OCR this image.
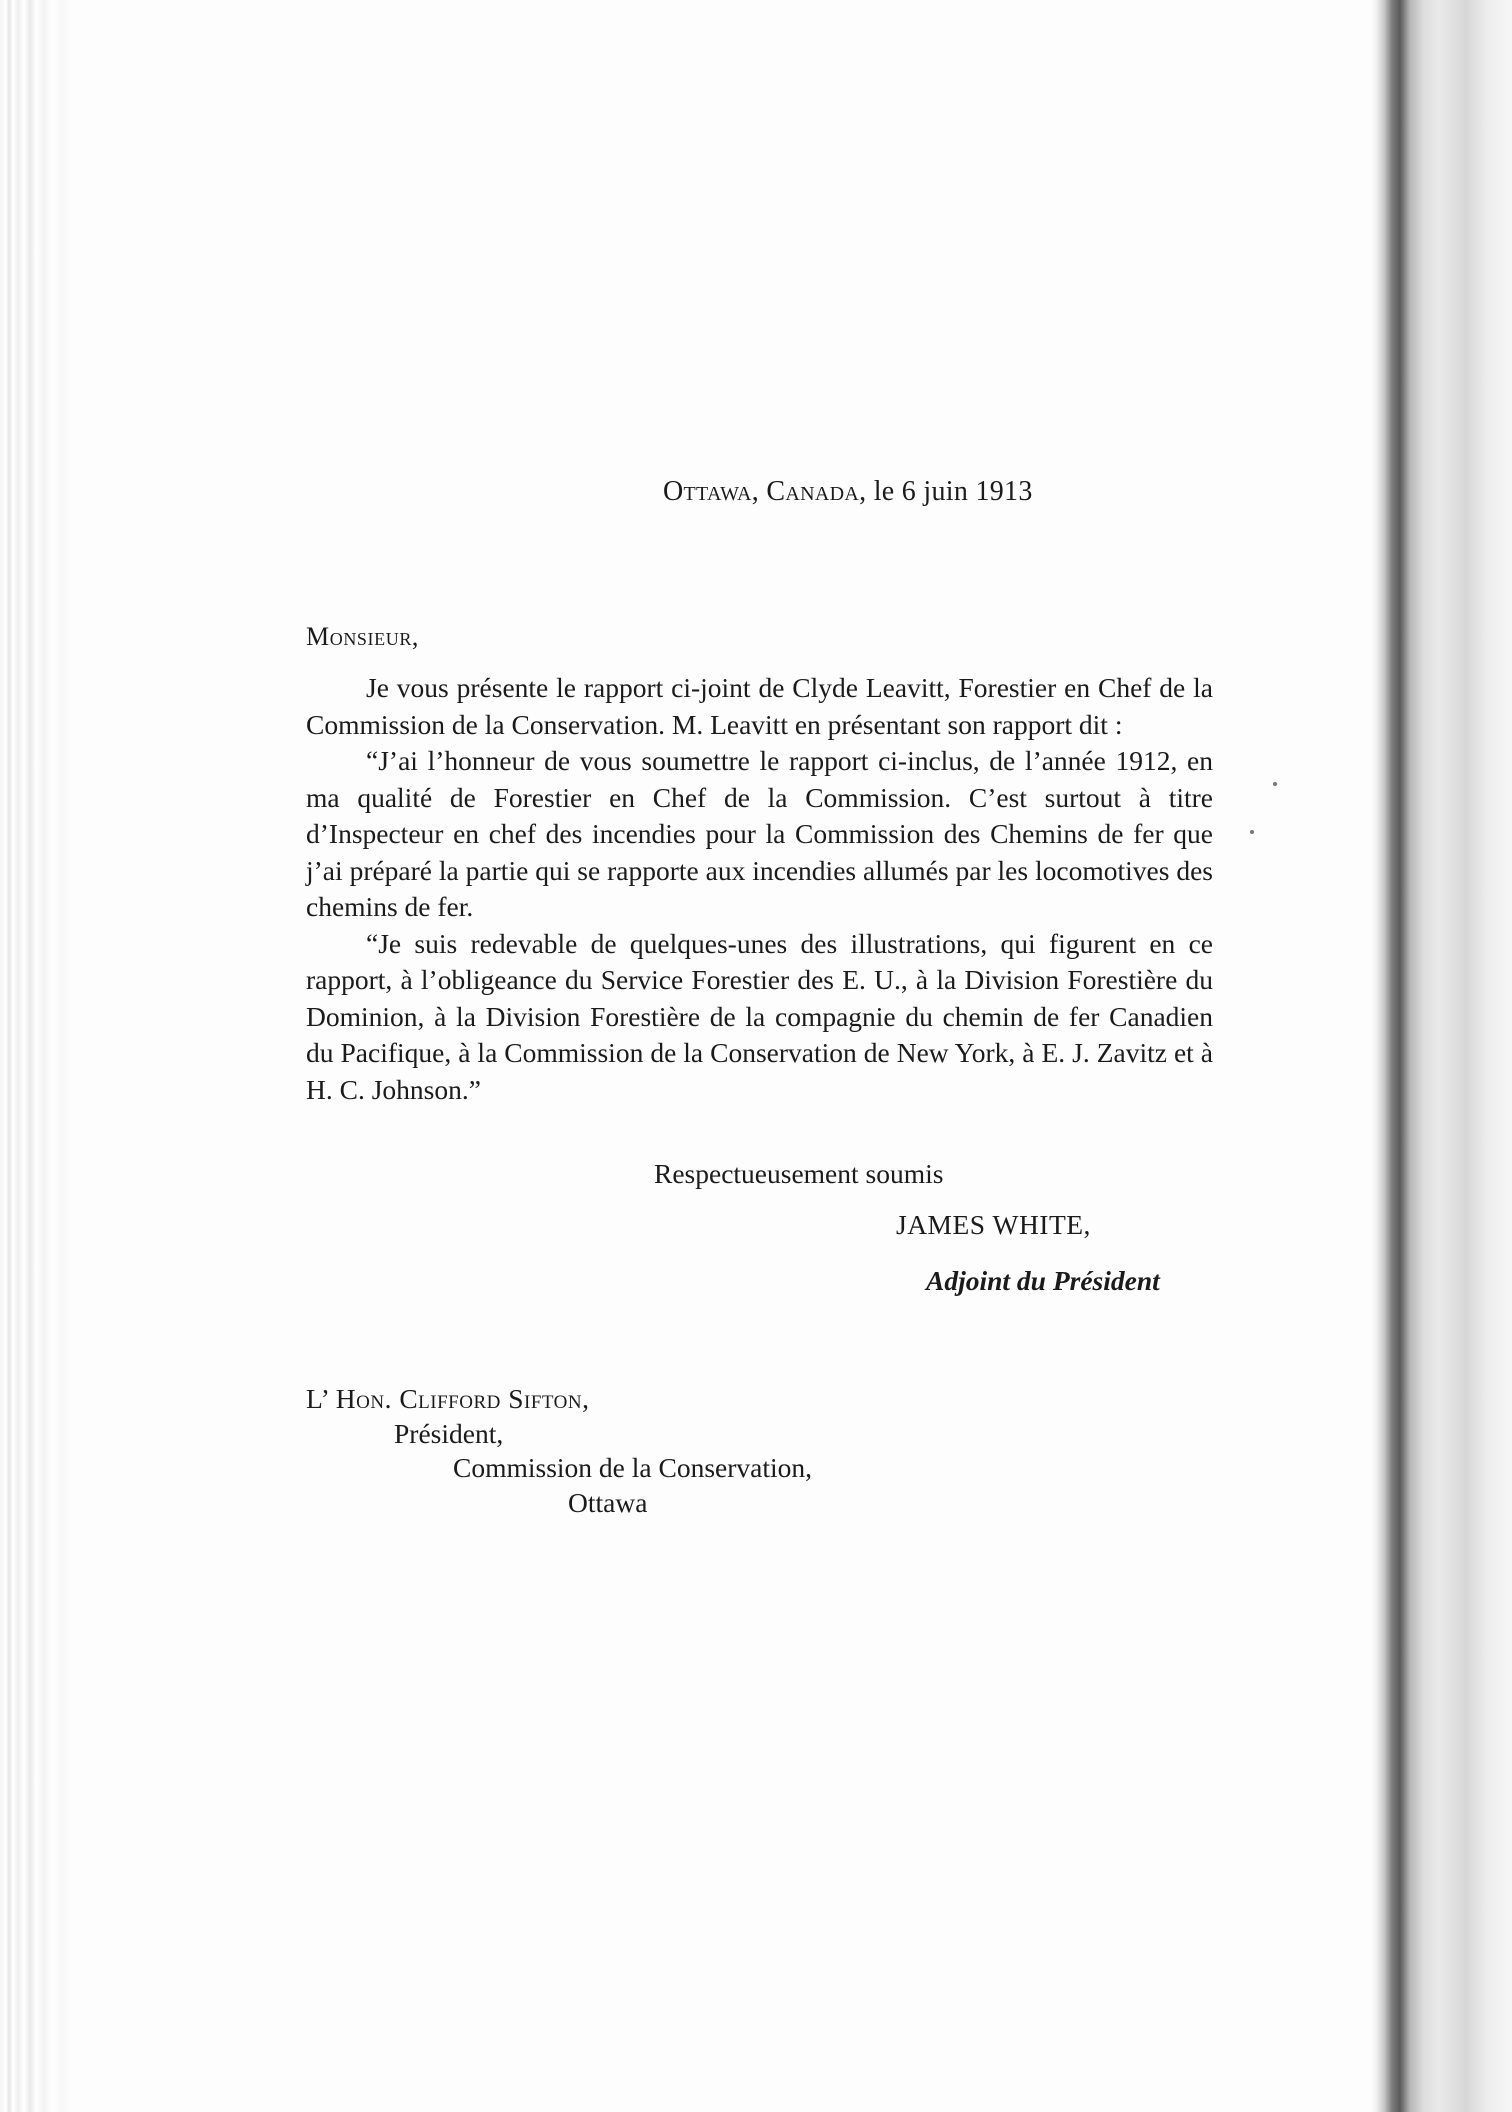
Ottawa, Canada, le 6 juin 1913
Monsieur,

Je vous présente le rapport ci-joint de Clyde Leavitt, Forestier en Chef de la Commission de la Conservation. M. Leavitt en présentant son rapport dit :

“J’ai l’honneur de vous soumettre le rapport ci-inclus, de l’année 1912, en ma qualité de Forestier en Chef de la Commission. C’est surtout à titre d’Inspecteur en chef des incendies pour la Commission des Chemins de fer que j’ai préparé la partie qui se rapporte aux incendies allumés par les locomotives des chemins de fer.

“Je suis redevable de quelques-unes des illustrations, qui figurent en ce rapport, à l’obligeance du Service Forestier des E. U., à la Division Forestière du Dominion, à la Division Forestière de la compagnie du chemin de fer Canadien du Pacifique, à la Commission de la Conservation de New York, à E. J. Zavitz et à H. C. Johnson.”

Respectueusement soumis
JAMES WHITE,
Adjoint du Président
L’ Hon. Clifford Sifton,
Président,
Commission de la Conservation,
Ottawa
